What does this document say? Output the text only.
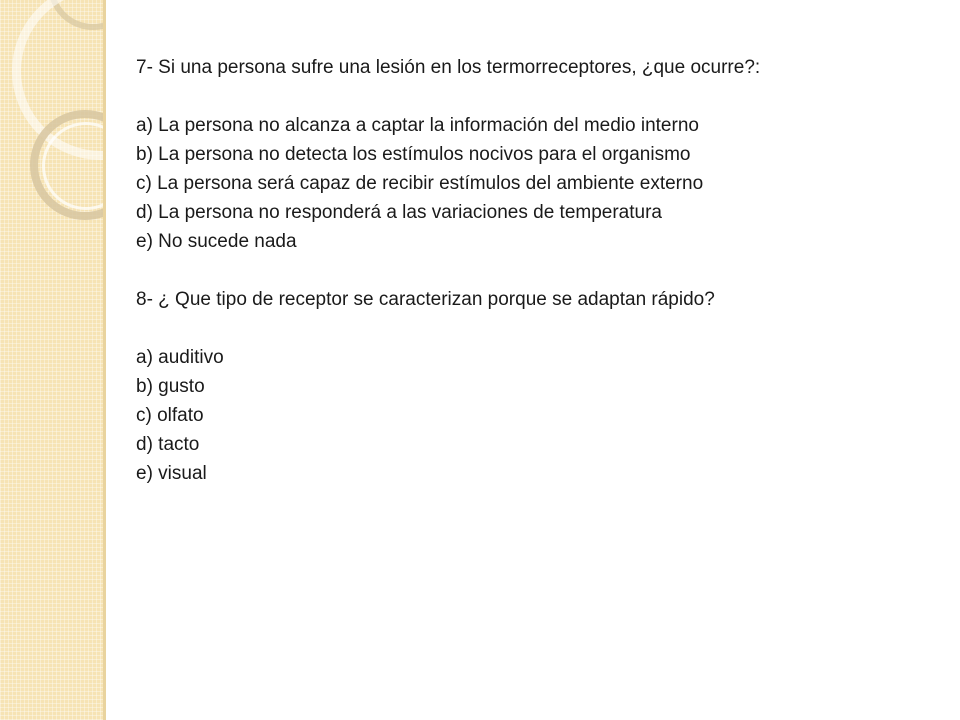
7- Si una persona sufre una lesión en los termorreceptores, ¿que ocurre?:
a) La persona no alcanza a captar la información del medio interno
b) La persona no detecta los estímulos nocivos para el organismo
c) La persona será capaz de recibir estímulos del ambiente externo
d) La persona no responderá a las variaciones de temperatura
e) No sucede nada
8- ¿ Que tipo de receptor se caracterizan porque se adaptan rápido?
a) auditivo
b) gusto
c) olfato
d) tacto
e) visual
